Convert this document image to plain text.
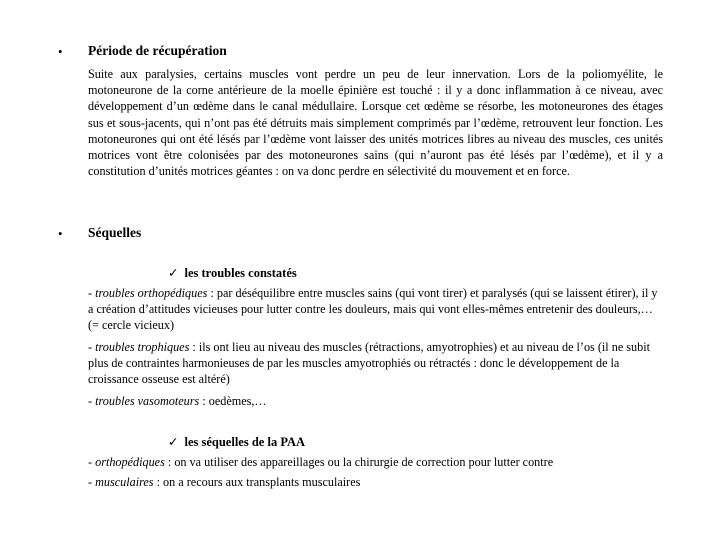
• Période de récupération

Suite aux paralysies, certains muscles vont perdre un peu de leur innervation. Lors de la poliomyélite, le motoneurone de la corne antérieure de la moelle épinière est touché : il y a donc inflammation à ce niveau, avec développement d’un œdème dans le canal médullaire. Lorsque cet œdème se résorbe, les motoneurones des étages sus et sous-jacents, qui n’ont pas été détruits mais simplement comprimés par l’œdème, retrouvent leur fonction. Les motoneurones qui ont été lésés par l’œdème vont laisser des unités motrices libres au niveau des muscles, ces unités motrices vont être colonisées par des motoneurones sains (qui n’auront pas été lésés par l’œdème), et il y a constitution d’unités motrices géantes : on va donc perdre en sélectivité du mouvement et en force.

• Séquelles
✓ les troubles constatés

- troubles orthopédiques : par déséquilibre entre muscles sains (qui vont tirer) et paralysés (qui se laissent étirer), il y a création d’attitudes vicieuses pour lutter contre les douleurs, mais qui vont elles-mêmes entretenir des douleurs,… (= cercle vicieux)

- troubles trophiques : ils ont lieu au niveau des muscles (rétractions, amyotrophies) et au niveau de l’os (il ne subit plus de contraintes harmonieuses de par les muscles amyotrophiés ou rétractés : donc le développement de la croissance osseuse est altéré)

- troubles vasomoteurs : oedèmes,…

✓ les séquelles de la PAA

- orthopédiques : on va utiliser des appareillages ou la chirurgie de correction pour lutter contre

- musculaires : on a recours aux transplants musculaires
